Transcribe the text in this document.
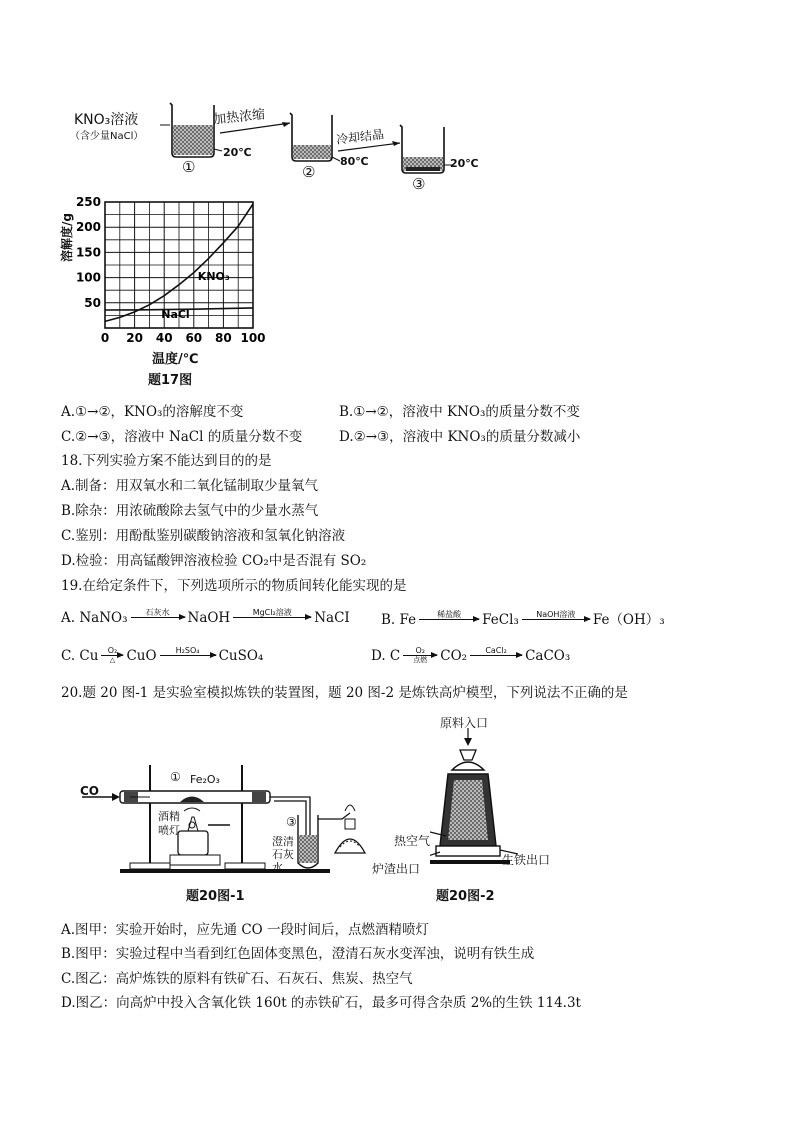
KNO₃溶液
（含少量NaCl）
加热浓缩
冷却结晶
①
20℃
②
80℃
③
20℃
KNO₃
NaCl
0 20 40 60 80 100
50
100
150
200
250
温度/℃
溶解度/g
题17图
A.①→②，KNO₃的溶解度不变	B.①→②，溶液中 KNO₃的质量分数不变
C.②→③，溶液中 NaCl 的质量分数不变	D.②→③，溶液中 KNO₃的质量分数减小
18.下列实验方案不能达到目的的是
A.制备：用双氧水和二氧化锰制取少量氧气
B.除杂：用浓硫酸除去氢气中的少量水蒸气
C.鉴别：用酚酞鉴别碳酸钠溶液和氢氧化钠溶液
D.检验：用高锰酸钾溶液检验 CO₂中是否混有 SO₂
19.在给定条件下，下列选项所示的物质间转化能实现的是
A. NaNO₃ 石灰水
NaOH	MgCl₂溶液
NaCI B. Fe	稀盐酸
FeCl₃ NaOH溶液
Fe（OH）₃
C. Cu O₂
△ CuO H₂SO₄
CuSO₄	D. C O₂
点燃 CO₂ CaCl₂
CaCO₃
20.题 20 图-1 是实验室模拟炼铁的装置图，题 20 图-2 是炼铁高炉模型，下列说法不正确的是
CO
① Fe₂O₃
酒精喷灯
③
澄清石灰水
题20图-1
原料入口
热空气
生铁出口
炉渣出口
题20图-2
A.图甲：实验开始时，应先通 CO 一段时间后，点燃酒精喷灯
B.图甲：实验过程中当看到红色固体变黑色，澄清石灰水变浑浊，说明有铁生成
C.图乙：高炉炼铁的原料有铁矿石、石灰石、焦炭、热空气
D.图乙：向高炉中投入含氧化铁 160t 的赤铁矿石，最多可得含杂质 2%的生铁 114.3t
